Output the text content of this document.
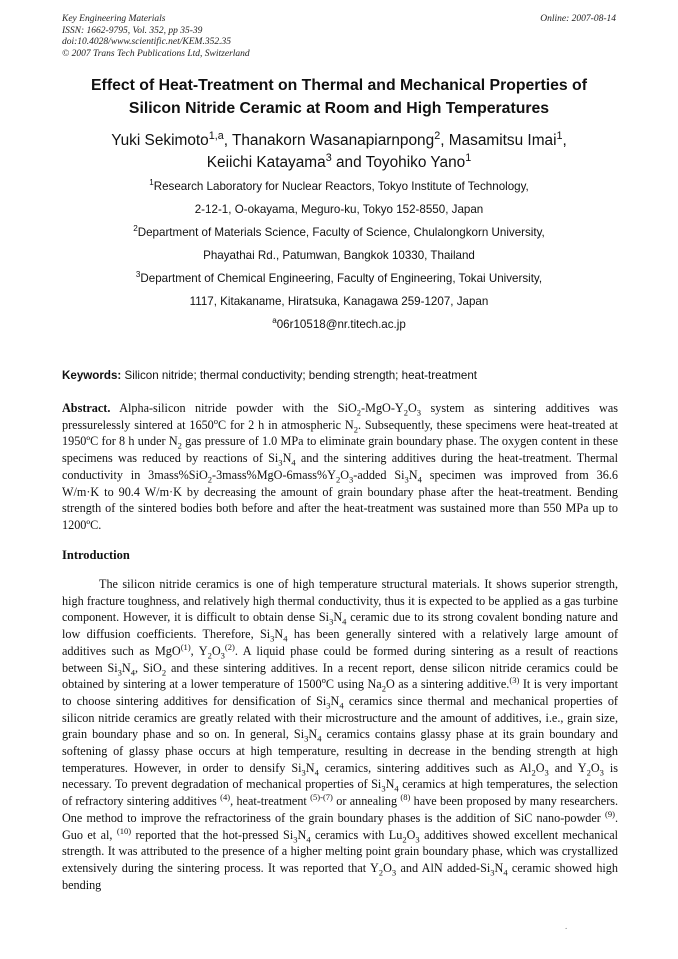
Key Engineering Materials
ISSN: 1662-9795, Vol. 352, pp 35-39
doi:10.4028/www.scientific.net/KEM.352.35
© 2007 Trans Tech Publications Ltd, Switzerland
Online: 2007-08-14
Effect of Heat-Treatment on Thermal and Mechanical Properties of
Silicon Nitride Ceramic at Room and High Temperatures
Yuki Sekimoto$^{1,a}$, Thanakorn Wasanapiarnpong$^2$, Masamitsu Imai$^1$,
Keiichi Katayama$^3$ and Toyohiko Yano$^1$
$^1$Research Laboratory for Nuclear Reactors, Tokyo Institute of Technology,
2-12-1, O-okayama, Meguro-ku, Tokyo 152-8550, Japan
$^2$Department of Materials Science, Faculty of Science, Chulalongkorn University,
Phayathai Rd., Patumwan, Bangkok 10330, Thailand
$^3$Department of Chemical Engineering, Faculty of Engineering, Tokai University,
1117, Kitakaname, Hiratsuka, Kanagawa 259-1207, Japan
$^a$06r10518@nr.titech.ac.jp
Keywords: Silicon nitride; thermal conductivity; bending strength; heat-treatment

Abstract. Alpha-silicon nitride powder with the $SiO_2-MgO-Y_2O_3$ system as sintering additives was pressurelessly sintered at 1650$^o$C for 2 h in atmospheric $N_2$. Subsequently, these specimens were heat-treated at 1950ºC for 8 h under $N_2$ gas pressure of 1.0 MPa to eliminate grain boundary phase. The oxygen content in these specimens was reduced by reactions of $Si_3N_4$ and the sintering additives during the heat-treatment. Thermal conductivity in $3mass\%SiO_2-3mass\%MgO-6mass\%Y_2O_3$-added $Si_3N_4$ specimen was improved from 36.6 W/m·K to 90.4 W/m·K by decreasing the amount of grain boundary phase after the heat-treatment. Bending strength of the sintered bodies both before and after the heat-treatment was sustained more than 550 MPa up to 1200ºC.

Introduction

The silicon nitride ceramics is one of high temperature structural materials. It shows superior strength, high fracture toughness, and relatively high thermal conductivity, thus it is expected to be applied as a gas turbine component. However, it is difficult to obtain dense $Si_3N_4$ ceramic due to its strong covalent bonding nature and low diffusion coefficients. Therefore, $Si_3N_4$ has been generally sintered with a relatively large amount of additives such as MgO$^{(1)}$, $Y_2O_3^{(2)}$. A liquid phase could be formed during sintering as a result of reactions between $Si_3N_4$, SiO$_2$ and these sintering additives. In a recent report, dense silicon nitride ceramics could be obtained by sintering at a lower temperature of 1500$^o$C using $Na_2O$ as a sintering additive.$^{(3)}$ It is very important to choose sintering additives for densification of $Si_3N_4$ ceramics since thermal and mechanical properties of silicon nitride ceramics are greatly related with their microstructure and the amount of additives, i.e., grain size, grain boundary phase and so on. In general, $Si_3N_4$ ceramics contains glassy phase at its grain boundary and softening of glassy phase occurs at high temperature, resulting in decrease in the bending strength at high temperatures. However, in order to densify $Si_3N_4$ ceramics, sintering additives such as $Al_2O_3$ and $Y_2O_3$ is necessary. To prevent degradation of mechanical properties of $Si_3N_4$ ceramics at high temperatures, the selection of refractory sintering additives $^{(4)}$, heat-treatment $^{(5)-(7)}$ or annealing $^{(8)}$ have been proposed by many researchers. One method to improve the refractoriness of the grain boundary phases is the addition of SiC nano-powder $^{(9)}$. Guo et al, $^{(10)}$ reported that the hot-pressed $Si_3N_4$ ceramics with $Lu_2O_3$ additives showed excellent mechanical strength. It was attributed to the presence of a higher melting point grain boundary phase, which was crystallized extensively during the sintering process. It was reported that $Y_2O_3$ and AlN added-$Si_3N_4$ ceramic showed high bending

.
